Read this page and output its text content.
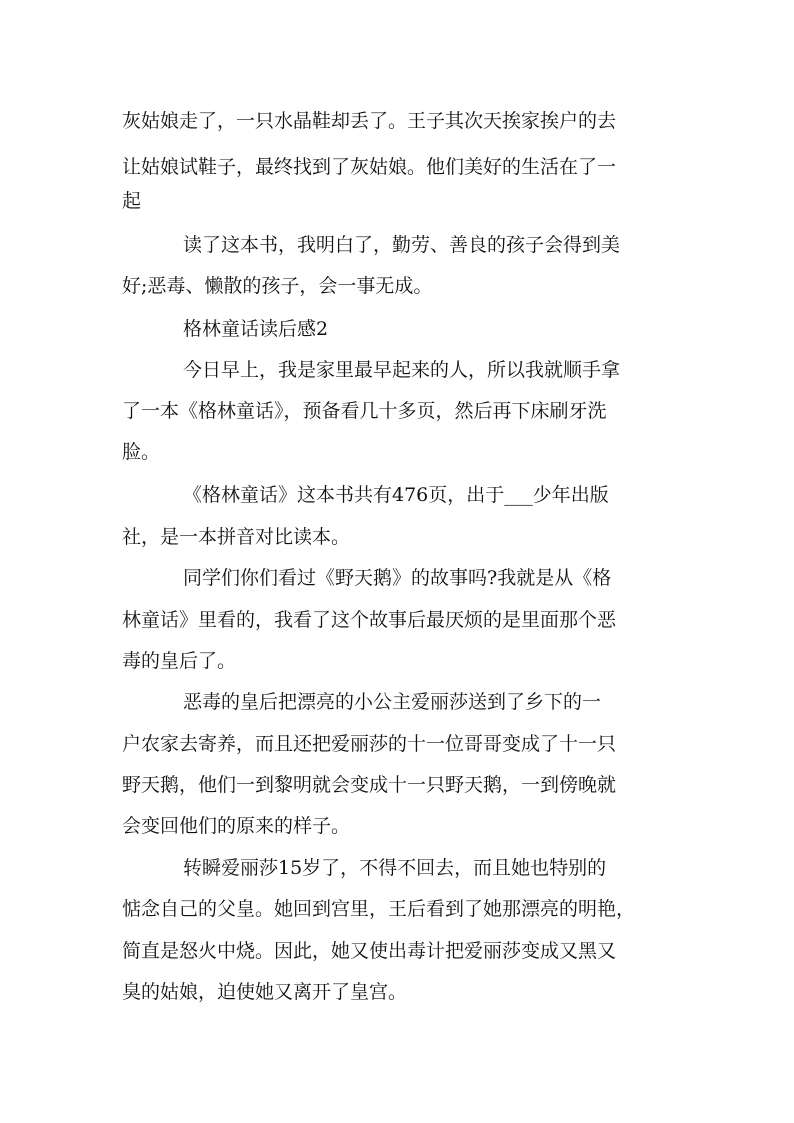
灰姑娘走了，一只水晶鞋却丢了。王子其次天挨家挨户的去
让姑娘试鞋子，最终找到了灰姑娘。他们美好的生活在了一
起
读了这本书，我明白了，勤劳、善良的孩子会得到美
好;恶毒、懒散的孩子，会一事无成。
格林童话读后感2
今日早上，我是家里最早起来的人，所以我就顺手拿
了一本《格林童话》，预备看几十多页，然后再下床刷牙洗
脸。
《格林童话》这本书共有476页，出于___少年出版
社，是一本拼音对比读本。
同学们你们看过《野天鹅》的故事吗?我就是从《格
林童话》里看的，我看了这个故事后最厌烦的是里面那个恶
毒的皇后了。
恶毒的皇后把漂亮的小公主爱丽莎送到了乡下的一
户农家去寄养，而且还把爱丽莎的十一位哥哥变成了十一只
野天鹅，他们一到黎明就会变成十一只野天鹅，一到傍晚就
会变回他们的原来的样子。
转瞬爱丽莎15岁了，不得不回去，而且她也特别的
惦念自己的父皇。她回到宫里，王后看到了她那漂亮的明艳，
简直是怒火中烧。因此，她又使出毒计把爱丽莎变成又黑又
臭的姑娘，迫使她又离开了皇宫。
